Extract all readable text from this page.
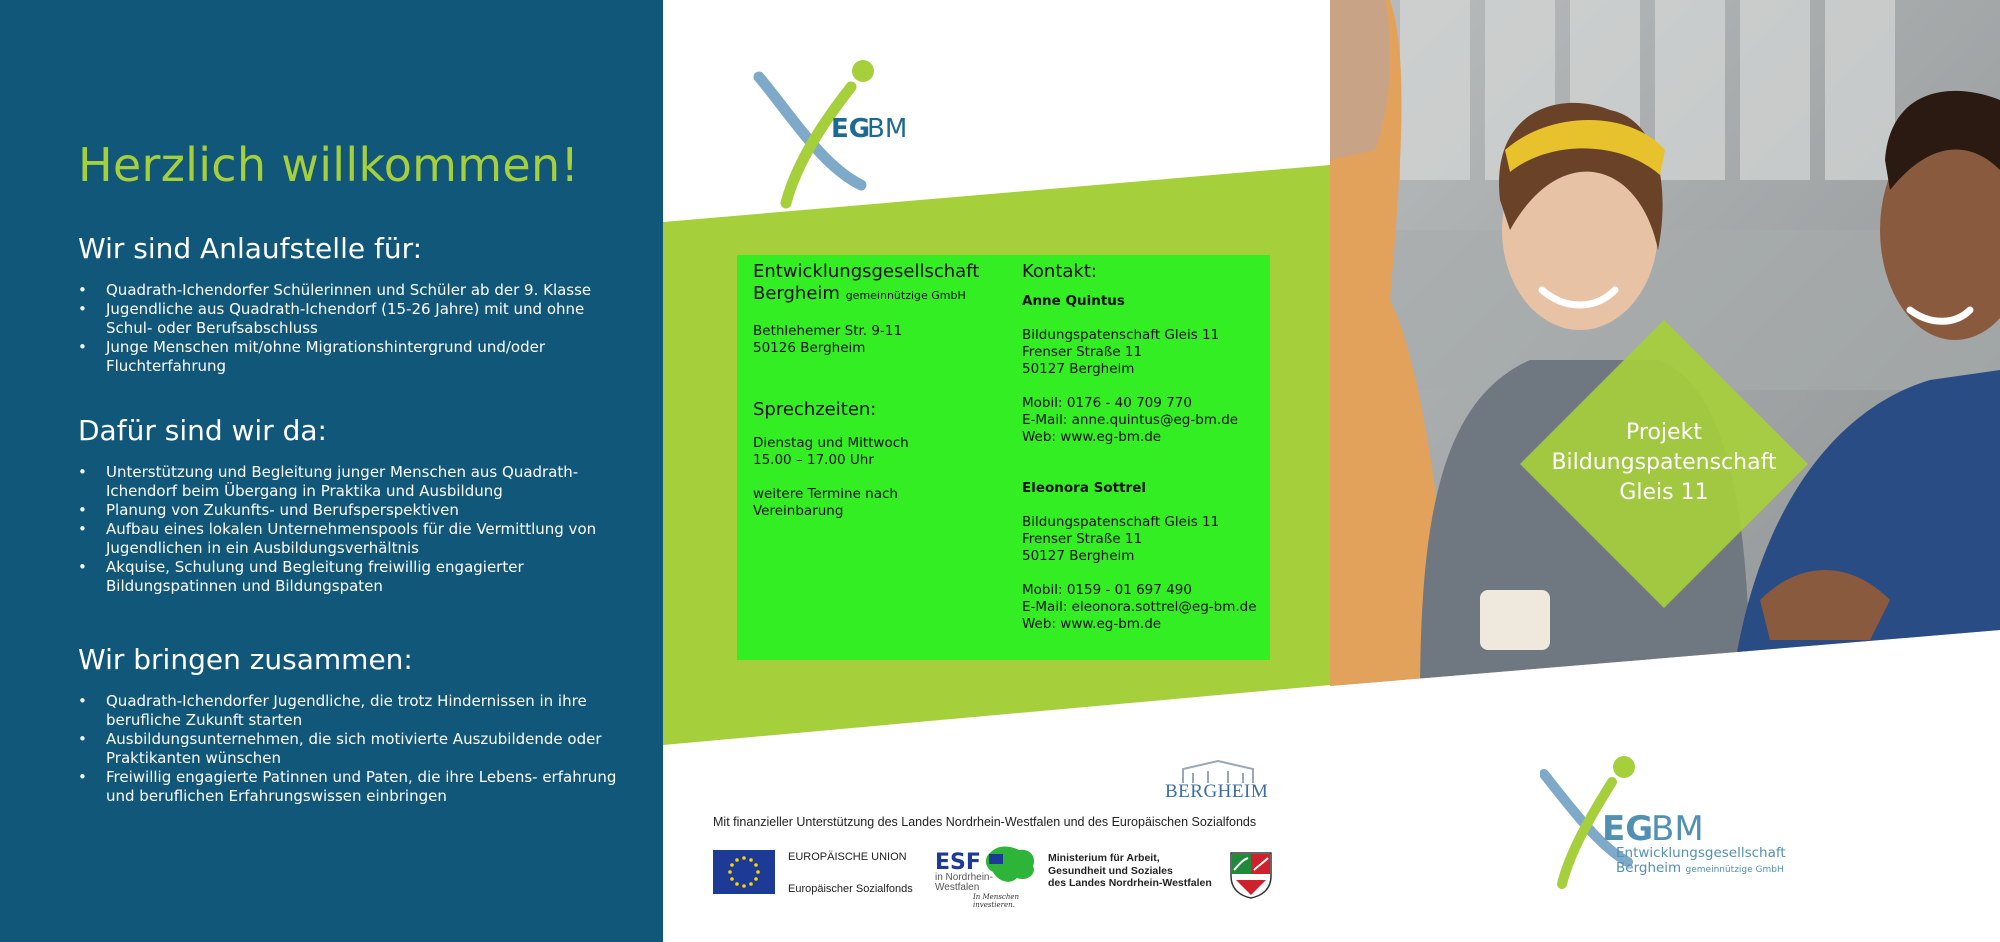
Herzlich willkommen!
Wir sind Anlaufstelle für:
• Quadrath-Ichendorfer Schülerinnen und Schüler ab der 9. Klasse
• Jugendliche aus Quadrath-Ichendorf (15-26 Jahre) mit und ohne Schul- oder Berufsabschluss
• Junge Menschen mit/ohne Migrationshintergrund und/oder Fluchterfahrung
Dafür sind wir da:
• Unterstützung und Begleitung junger Menschen aus Quadrath-Ichendorf beim Übergang in Praktika und Ausbildung
• Planung von Zukunfts- und Berufsperspektiven
• Aufbau eines lokalen Unternehmenspools für die Vermittlung von Jugendlichen in ein Ausbildungsverhältnis
• Akquise, Schulung und Begleitung freiwillig engagierter Bildungspatinnen und Bildungspaten
Wir bringen zusammen:
• Quadrath-Ichendorfer Jugendliche, die trotz Hindernissen in ihre berufliche Zukunft starten
• Ausbildungsunternehmen, die sich motivierte Auszubildende oder Praktikanten wünschen
• Freiwillig engagierte Patinnen und Paten, die ihre Lebens- erfahrung und beruflichen Erfahrungswissen einbringen
EG
BM
Entwicklungsgesellschaft
Bergheim gemeinnützige GmbH
Bethlehemer Str. 9-11
50126 Bergheim
Sprechzeiten:
Dienstag und Mittwoch
15.00 – 17.00 Uhr
weitere Termine nach
Vereinbarung
Kontakt:
Anne Quintus
Bildungspatenschaft Gleis 11
Frenser Straße 11
50127 Bergheim
Mobil: 0176 - 40 709 770
E-Mail: anne.quintus@eg-bm.de
Web: www.eg-bm.de
Eleonora Sottrel
Bildungspatenschaft Gleis 11
Frenser Straße 11
50127 Bergheim
Mobil: 0159 - 01 697 490
E-Mail: eleonora.sottrel@eg-bm.de
Web: www.eg-bm.de
BERGHEIM
Mit finanzieller Unterstützung des Landes Nordrhein-Westfalen und des Europäischen Sozialfonds
EUROPÄISCHE UNION
Europäischer Sozialfonds
ESF
in Nordrhein-
Westfalen
In Menschen investieren.
Ministerium für Arbeit,
Gesundheit und Soziales
des Landes Nordrhein-Westfalen
Projekt
Bildungspatenschaft
Gleis 11
EG
BM
Entwicklungsgesellschaft
Bergheim gemeinnützige GmbH
